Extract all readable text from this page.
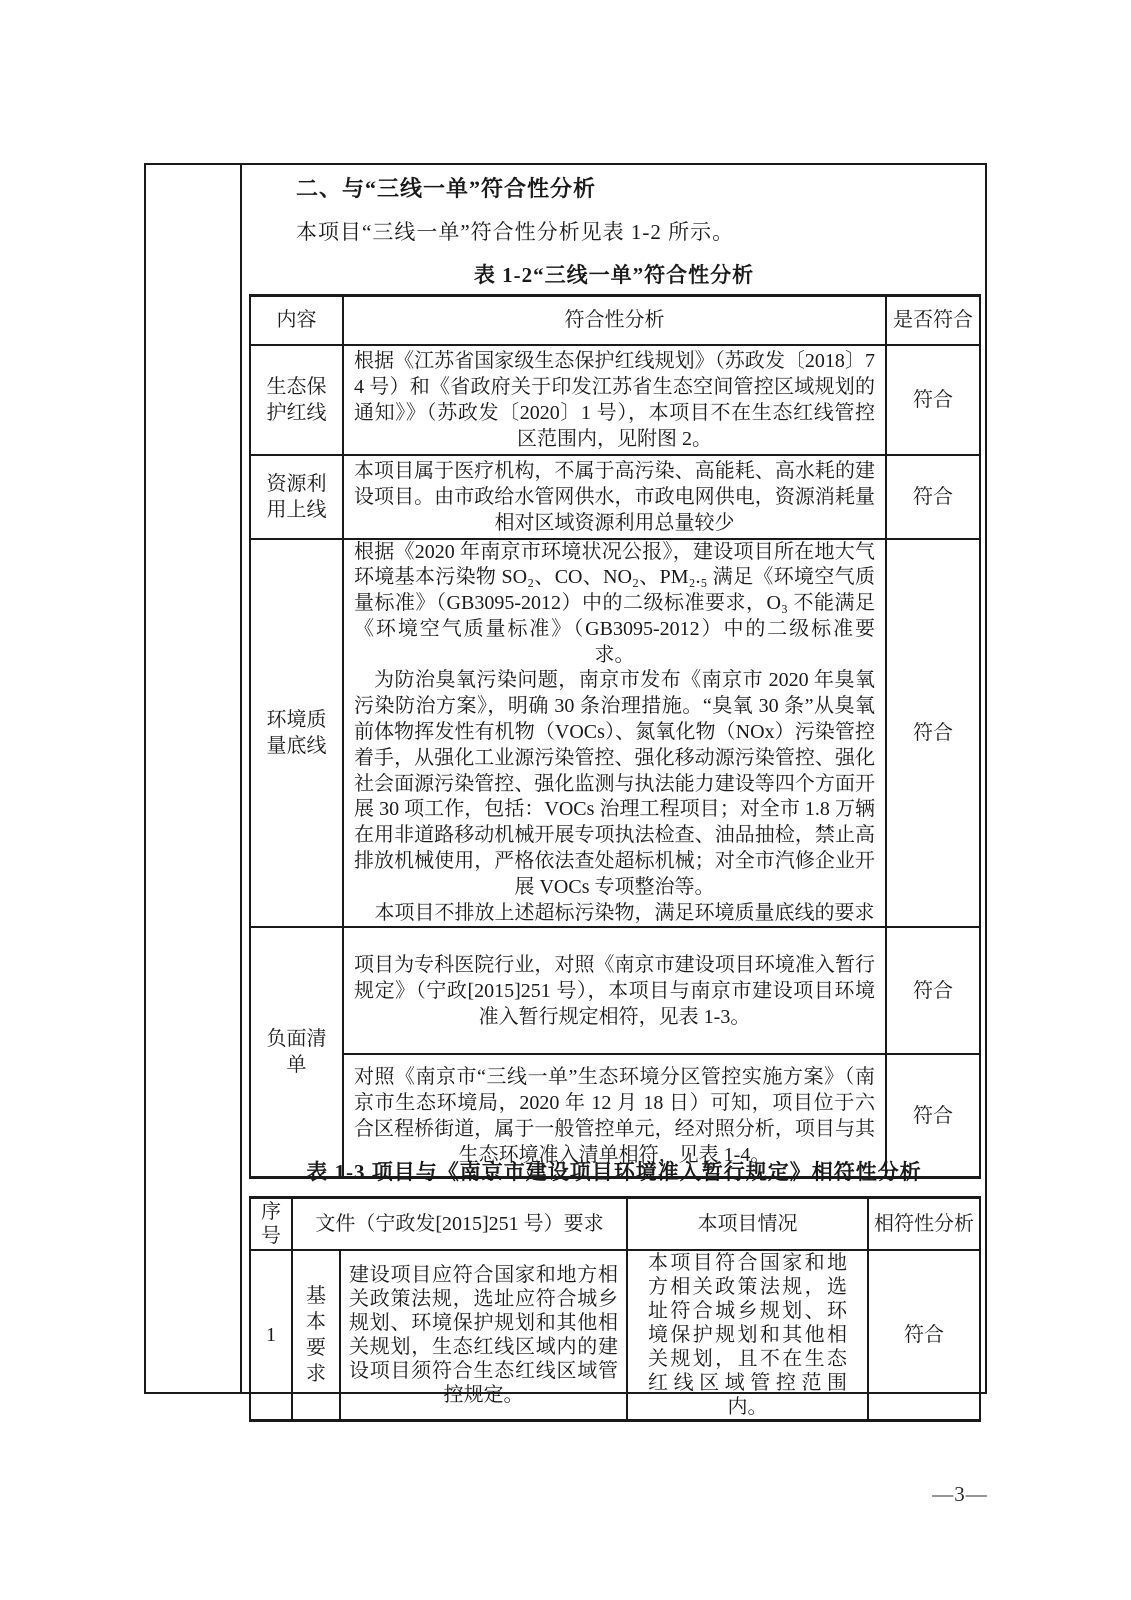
二、与“三线一单”符合性分析
本项目“三线一单”符合性分析见表 1-2 所示。
表 1-2“三线一单”符合性分析
内容	符合性分析	是否符合
生态保护红线	根据《江苏省国家级生态保护红线规划》（苏政发〔2018〕74 号）和《省政府关于印发江苏省生态空间管控区域规划的通知》》（苏政发〔2020〕1 号），本项目不在生态红线管控区范围内，见附图 2。	符合
资源利用上线	本项目属于医疗机构，不属于高污染、高能耗、高水耗的建设项目。由市政给水管网供水，市政电网供电，资源消耗量相对区域资源利用总量较少	符合
环境质量底线	根据《2020 年南京市环境状况公报》，建设项目所在地大气环境基本污染物 SO₂、CO、NO₂、PM₂.₅ 满足《环境空气质量标准》（GB3095-2012）中的二级标准要求，O₃ 不能满足《环境空气质量标准》（GB3095-2012）中的二级标准要求。
为防治臭氧污染问题，南京市发布《南京市 2020 年臭氧污染防治方案》，明确 30 条治理措施。“臭氧 30 条”从臭氧前体物挥发性有机物（VOCs）、氮氧化物（NOx）污染管控着手，从强化工业源污染管控、强化移动源污染管控、强化社会面源污染管控、强化监测与执法能力建设等四个方面开展 30 项工作，包括：VOCs 治理工程项目；对全市 1.8 万辆在用非道路移动机械开展专项执法检查、油品抽检，禁止高排放机械使用，严格依法查处超标机械；对全市汽修企业开展 VOCs 专项整治等。
本项目不排放上述超标污染物，满足环境质量底线的要求	符合
负面清单	项目为专科医院行业，对照《南京市建设项目环境准入暂行规定》（宁政[2015]251 号），本项目与南京市建设项目环境准入暂行规定相符，见表 1-3。	符合
	对照《南京市“三线一单”生态环境分区管控实施方案》（南京市生态环境局，2020 年 12 月 18 日）可知，项目位于六合区程桥街道，属于一般管控单元，经对照分析，项目与其生态环境准入清单相符，见表 1-4。	符合
表 1-3 项目与《南京市建设项目环境准入暂行规定》相符性分析
序号	文件（宁政发[2015]251 号）要求		本项目情况	相符性分析
1	基本要求	建设项目应符合国家和地方相关政策法规，选址应符合城乡规划、环境保护规划和其他相关规划，生态红线区域内的建设项目须符合生态红线区域管控规定。	本项目符合国家和地方相关政策法规，选址符合城乡规划、环境保护规划和其他相关规划，且不在生态红线区域管控范围内。	符合
—3—
